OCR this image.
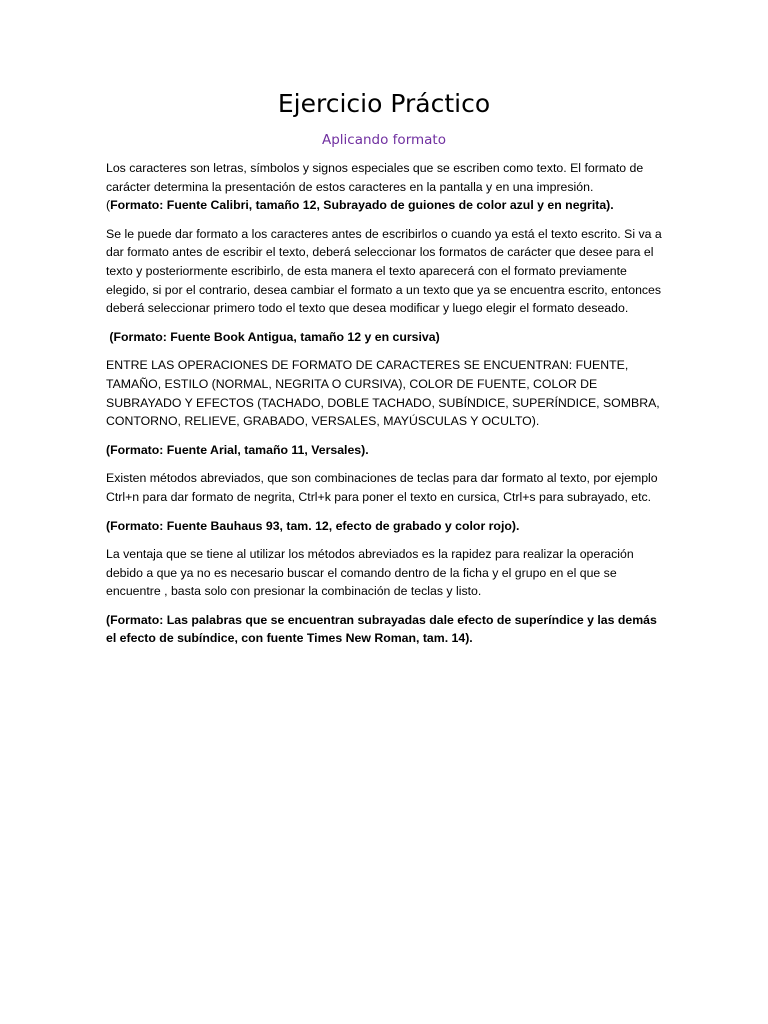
Ejercicio Práctico
Aplicando formato

Los caracteres son letras, símbolos y signos especiales que se escriben como texto. El formato de carácter determina la presentación de estos caracteres en la pantalla y en una impresión.
(Formato: Fuente Calibri, tamaño 12, Subrayado de guiones de color azul y en negrita).

Se le puede dar formato a los caracteres antes de escribirlos o cuando ya está el texto escrito. Si va a dar formato antes de escribir el texto, deberá seleccionar los formatos de carácter que desee para el texto y posteriormente escribirlo, de esta manera el texto aparecerá con el formato previamente elegido, si por el contrario, desea cambiar el formato a un texto que ya se encuentra escrito, entonces deberá seleccionar primero todo el texto que desea modificar y luego elegir el formato deseado.

(Formato: Fuente Book Antigua, tamaño 12 y en cursiva)

ENTRE LAS OPERACIONES DE FORMATO DE CARACTERES SE ENCUENTRAN: FUENTE, TAMAÑO, ESTILO (NORMAL, NEGRITA O CURSIVA), COLOR DE FUENTE, COLOR DE SUBRAYADO Y EFECTOS (TACHADO, DOBLE TACHADO, SUBÍNDICE, SUPERÍNDICE, SOMBRA, CONTORNO, RELIEVE, GRABADO, VERSALES, MAYÚSCULAS Y OCULTO).

(Formato: Fuente Arial, tamaño 11, Versales).

Existen métodos abreviados, que son combinaciones de teclas para dar formato al texto, por ejemplo Ctrl+n para dar formato de negrita, Ctrl+k para poner el texto en cursica, Ctrl+s para subrayado, etc.

(Formato: Fuente Bauhaus 93, tam. 12, efecto de grabado y color rojo).

La ventaja que se tiene al utilizar los métodos abreviados es la rapidez para realizar la operación debido a que ya no es necesario buscar el comando dentro de la ficha y el grupo en el que se encuentre , basta solo con presionar la combinación de teclas y listo.

(Formato: Las palabras que se encuentran subrayadas dale efecto de superíndice y las demás el efecto de subíndice, con fuente Times New Roman, tam. 14).
